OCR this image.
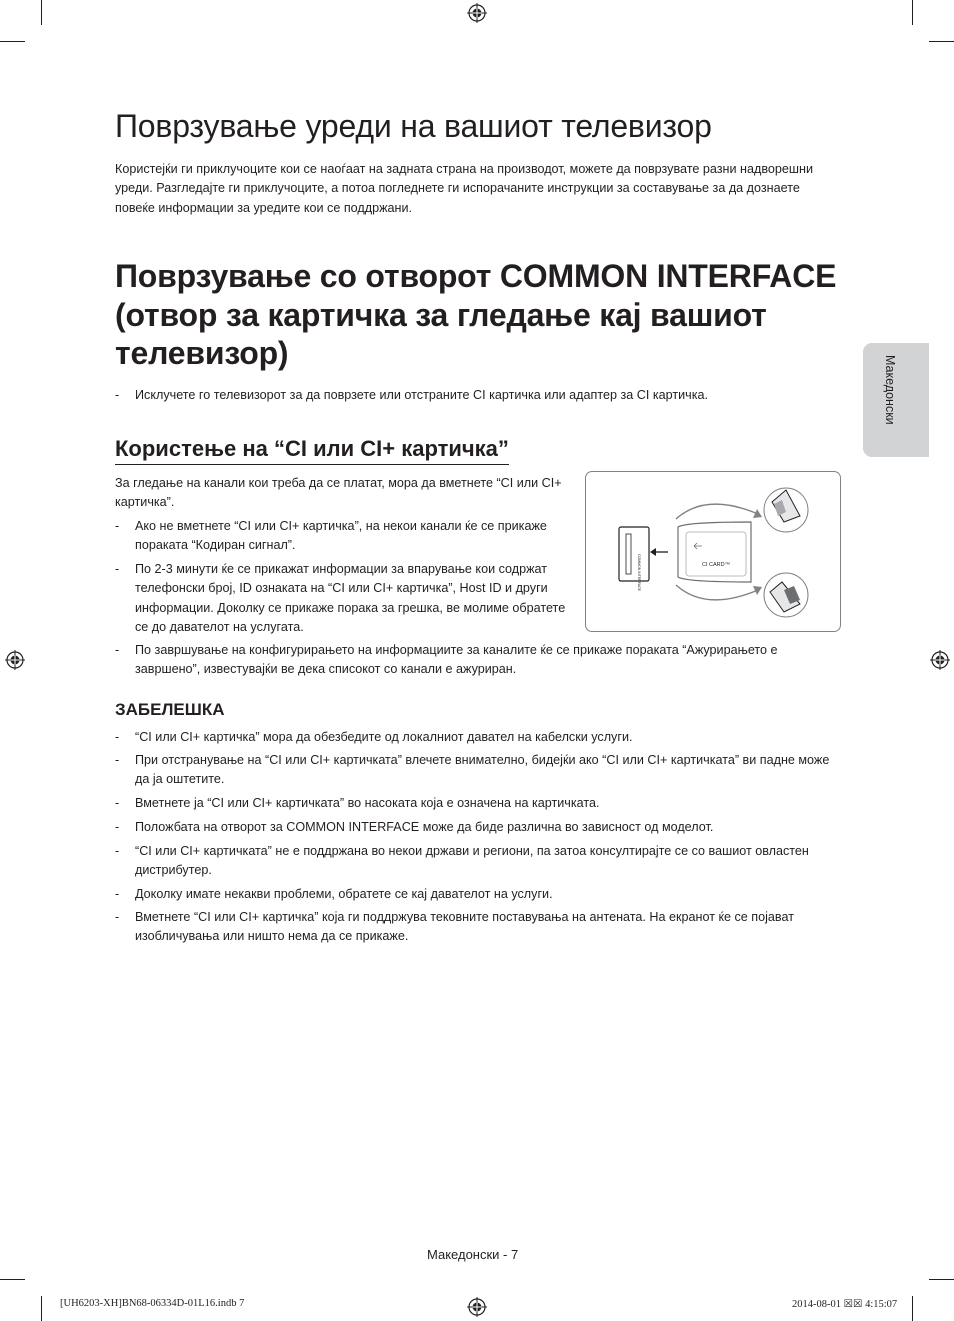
Поврзување уреди на вашиот телевизор

Користејќи ги приклучоците кои се наоѓаат на задната страна на производот, можете да поврзувате разни надворешни уреди. Разгледајте ги приклучоците, а потоа погледнете ги испорачаните инструкции за составување за да дознаете повеќе информации за уредите кои се поддржани.

Поврзување со отворот COMMON INTERFACE (отвор за картичка за гледање кај вашиот телевизор)
-	Исклучете го телевизорот за да поврзете или отстраните CI картичка или адаптер за CI картичка.	Македонски
Користење на “CI или CI+ картичка”

За гледање на канали кои треба да се платат, мора да вметнете “CI или CI+ картичка”.

-	Ако не вметнете “CI или CI+ картичка”, на некои канали ќе се прикаже пораката “Кодиран сигнал”.
-	По 2-3 минути ќе се прикажат информации за впарување кои содржат телефонски број, ID ознаката на “CI или CI+ картичка”, Host ID и други информации. Доколку се прикаже порака за грешка, ве молиме обратете се до давателот на услугата.
-	По завршување на конфигурирањето на информациите за каналите ќе се прикаже пораката “Ажурирањето е завршено”, известувајќи ве дека списокот со канали е ажуриран.
COMMON INTERFACE	CI CARD™
ЗАБЕЛЕШКА
-	“CI или CI+ картичка” мора да обезбедите од локалниот давател на кабелски услуги.
-	При отстранување на “CI или CI+ картичката” влечете внимателно, бидејќи ако “CI или CI+ картичката” ви падне може да ја оштетите.
-	Вметнете ја “CI или CI+ картичката” во насоката која е означена на картичката.
-	Положбата на отворот за COMMON INTERFACE може да биде различна во зависност од моделот.
-	“CI или CI+ картичката” не е поддржана во некои држави и региони, па затоа консултирајте се со вашиот овластен дистрибутер.
-	Доколку имате некакви проблеми, обратете се кај давателот на услуги.
-	Вметнете “CI или CI+ картичка” која ги поддржува тековните поставувања на антената. На екранот ќе се појават изобличувања или ништо нема да се прикаже.
Македонски - 7
[UH6203-XH]BN68-06334D-01L16.indb 7	2014-08-01 ☒☒ 4:15:07
